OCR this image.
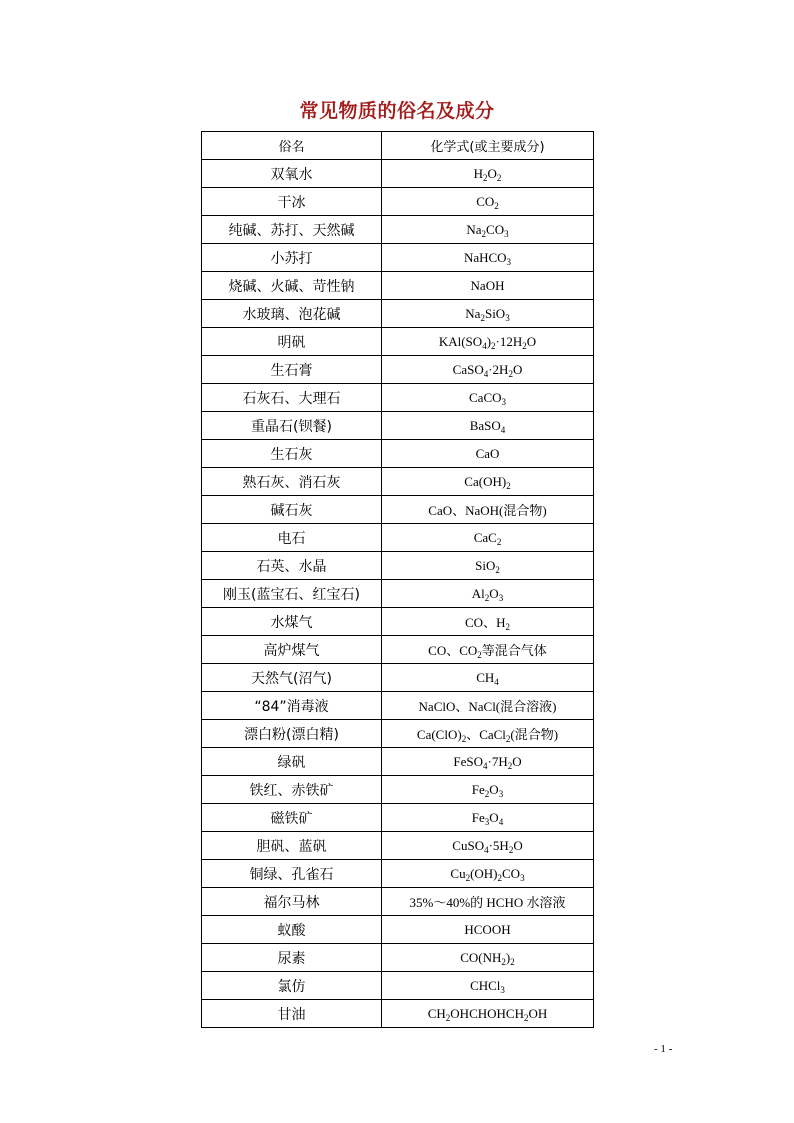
常见物质的俗名及成分
俗名	化学式(或主要成分)
双氧水	$H_2O_2$
干冰	$CO_2$
纯碱、苏打、天然碱	$Na_2CO_3$
小苏打	NaHCO$_3$
烧碱、火碱、苛性钠	NaOH
水玻璃、泡花碱	$Na_2SiO_3$
明矾	$KAl(SO_4)_2\cdot 12H_2O$
生石膏	$CaSO_4\cdot 2H_2O$
石灰石、大理石	CaCO$_3$
重晶石(钡餐)	BaSO$_4$
生石灰	CaO
熟石灰、消石灰	$Ca(OH)_2$
碱石灰	CaO、NaOH(混合物)
电石	CaC$_2$
石英、水晶	SiO$_2$
刚玉(蓝宝石、红宝石)	$Al_2O_3$
水煤气	CO、$H_2$
高炉煤气	CO、$CO_2$等混合气体
天然气(沼气)	$CH_4$
“84”消毒液	NaClO、NaCl(混合溶液)
漂白粉(漂白精)	$Ca(ClO)_2$、CaCl$_2$(混合物)
绿矾	$FeSO_4\cdot 7H_2O$
铁红、赤铁矿	$Fe_2O_3$
磁铁矿	$Fe_3O_4$
胆矾、蓝矾	$CuSO_4\cdot 5H_2O$
铜绿、孔雀石	$Cu_2(OH)_2CO_3$
福尔马林	35%～40%的 HCHO 水溶液
蚁酸	HCOOH
尿素	$CO(NH_2)_2$
氯仿	CHCl$_3$
甘油	$CH_2OHCHOHCH_2OH$
- 1 -
